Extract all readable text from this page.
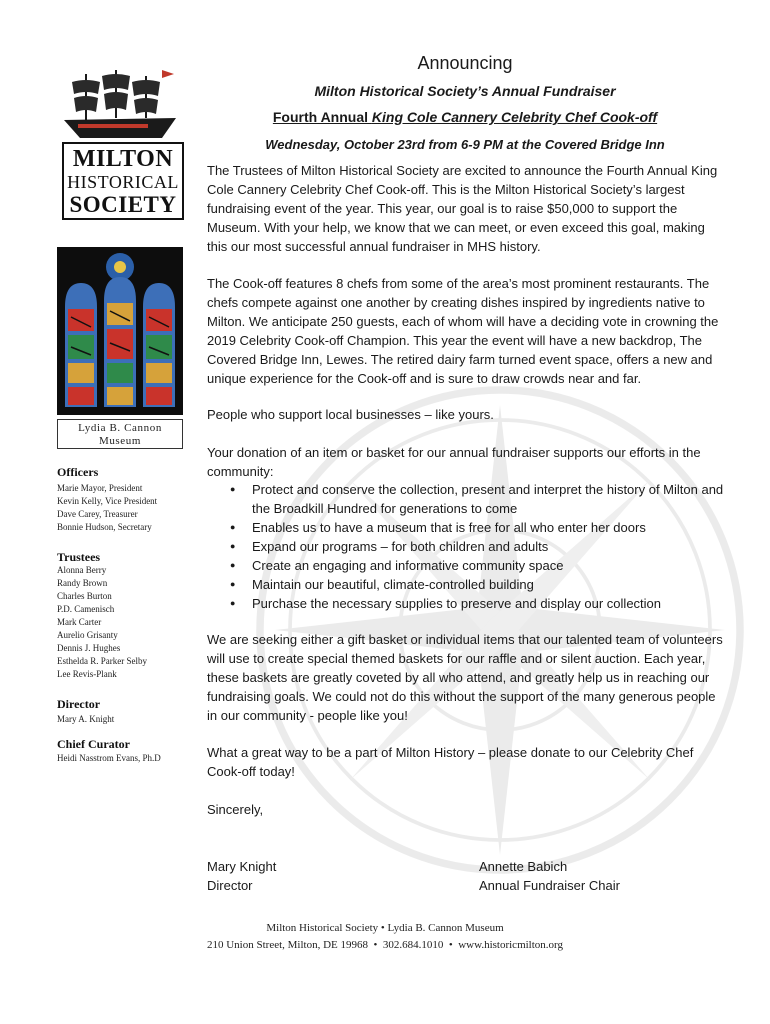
MILTON
HISTORICAL
SOCIETY
Lydia B. Cannon
Museum
Officers
Marie Mayor, President
Kevin Kelly, Vice President
Dave Carey, Treasurer
Bonnie Hudson, Secretary
Trustees
Alonna Berry
Randy Brown
Charles Burton
P.D. Camenisch
Mark Carter
Aurelio Grisanty
Dennis J. Hughes
Esthelda R. Parker Selby
Lee Revis-Plank
Director
Mary A. Knight
Chief Curator
Heidi Nasstrom Evans, Ph.D
Announcing
Milton Historical Society’s Annual Fundraiser
Fourth Annual King Cole Cannery Celebrity Chef Cook-off
Wednesday, October 23rd from 6-9 PM at the Covered Bridge Inn

The Trustees of Milton Historical Society are excited to announce the Fourth Annual King Cole Cannery Celebrity Chef Cook-off. This is the Milton Historical Society’s largest fundraising event of the year. This year, our goal is to raise $50,000 to support the Museum. With your help, we know that we can meet, or even exceed this goal, making this our most successful annual fundraiser in MHS history.

The Cook-off features 8 chefs from some of the area’s most prominent restaurants. The chefs compete against one another by creating dishes inspired by ingredients native to Milton. We anticipate 250 guests, each of whom will have a deciding vote in crowning the 2019 Celebrity Cook-off Champion. This year the event will have a new backdrop, The Covered Bridge Inn, Lewes. The retired dairy farm turned event space, offers a new and unique experience for the Cook-off and is sure to draw crowds near and far.

People who support local businesses – like yours.

Your donation of an item or basket for our annual fundraiser supports our efforts in the community:

● Protect and conserve the collection, present and interpret the history of Milton and the Broadkill Hundred for generations to come
● Enables us to have a museum that is free for all who enter her doors
● Expand our programs – for both children and adults
● Create an engaging and informative community space
● Maintain our beautiful, climate-controlled building
● Purchase the necessary supplies to preserve and display our collection

We are seeking either a gift basket or individual items that our talented team of volunteers will use to create special themed baskets for our raffle and or silent auction. Each year, these baskets are greatly coveted by all who attend, and greatly help us in reaching our fundraising goals. We could not do this without the support of the many generous people in our community - people like you!

What a great way to be a part of Milton History – please donate to our Celebrity Chef Cook-off today!

Sincerely,

Mary Knight
Director
Annette Babich
Annual Fundraiser Chair
Milton Historical Society • Lydia B. Cannon Museum
210 Union Street, Milton, DE 19968  •  302.684.1010  •  www.historicmilton.org
